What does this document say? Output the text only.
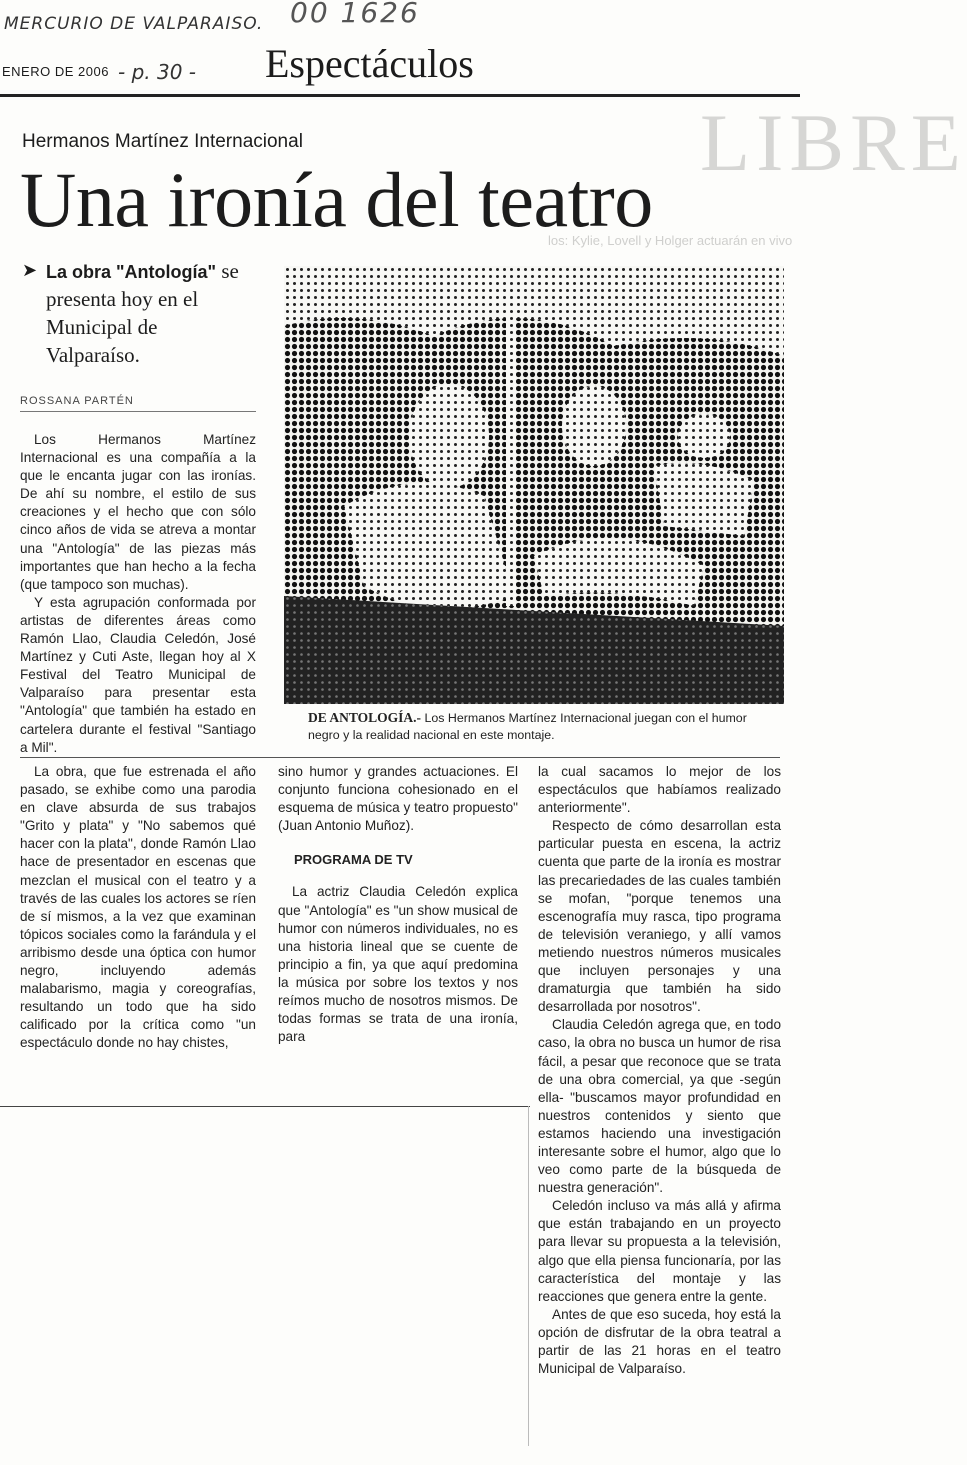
MERCURIO DE VALPARAISO. 00 1626
- p. 30 -
ENERO DE 2006	Espectáculos
LIBRE
los: Kylie, Lovell y Holger actuarán en vivo
Hermanos Martínez Internacional
Una ironía del teatro
➤ La obra "Antología" se presenta hoy en el Municipal de Valparaíso.
ROSSANA PARTÉN

Los Hermanos Martínez Internacional es una compañía a la que le encanta jugar con las ironías. De ahí su nombre, el estilo de sus creaciones y el hecho que con sólo cinco años de vida se atreva a montar una "Antología" de las piezas más importantes que han hecho a la fecha (que tampoco son muchas).

Y esta agrupación conformada por artistas de diferentes áreas como Ramón Llao, Claudia Celedón, José Martínez y Cuti Aste, llegan hoy al X Festival del Teatro Municipal de Valparaíso para presentar esta "Antología" que también ha estado en cartelera durante el festival "Santiago a Mil".

DE ANTOLOGÍA.- Los Hermanos Martínez Internacional juegan con el humor negro y la realidad nacional en este montaje.

La obra, que fue estrenada el año pasado, se exhibe como una parodia en clave absurda de sus trabajos "Grito y plata" y "No sabemos qué hacer con la plata", donde Ramón Llao hace de presentador en escenas que mezclan el musical con el teatro y a través de las cuales los actores se ríen de sí mismos, a la vez que examinan tópicos sociales como la farándula y el arribismo desde una óptica con humor negro, incluyendo además malabarismo, magia y coreografías, resultando un todo que ha sido calificado por la crítica como "un espectáculo donde no hay chistes,

sino humor y grandes actuaciones. El conjunto funciona cohesionado en el esquema de música y teatro propuesto" (Juan Antonio Muñoz).

PROGRAMA DE TV

La actriz Claudia Celedón explica que "Antología" es "un show musical de humor con números individuales, no es una historia lineal que se cuente de principio a fin, ya que aquí predomina la música por sobre los textos y nos reímos mucho de nosotros mismos. De todas formas se trata de una ironía, para

la cual sacamos lo mejor de los espectáculos que habíamos realizado anteriormente".

Respecto de cómo desarrollan esta particular puesta en escena, la actriz cuenta que parte de la ironía es mostrar las precariedades de las cuales también se mofan, "porque tenemos una escenografía muy rasca, tipo programa de televisión veraniego, y allí vamos metiendo nuestros números musicales que incluyen personajes y una dramaturgia que también ha sido desarrollada por nosotros".

Claudia Celedón agrega que, en todo caso, la obra no busca un humor de risa fácil, a pesar que reconoce que se trata de una obra comercial, ya que -según ella- "buscamos mayor profundidad en nuestros contenidos y siento que estamos haciendo una investigación interesante sobre el humor, algo que lo veo como parte de la búsqueda de nuestra generación".

Celedón incluso va más allá y afirma que están trabajando en un proyecto para llevar su propuesta a la televisión, algo que ella piensa funcionaría, por las característica del montaje y las reacciones que genera entre la gente.

Antes de que eso suceda, hoy está la opción de disfrutar de la obra teatral a partir de las 21 horas en el teatro Municipal de Valparaíso.
